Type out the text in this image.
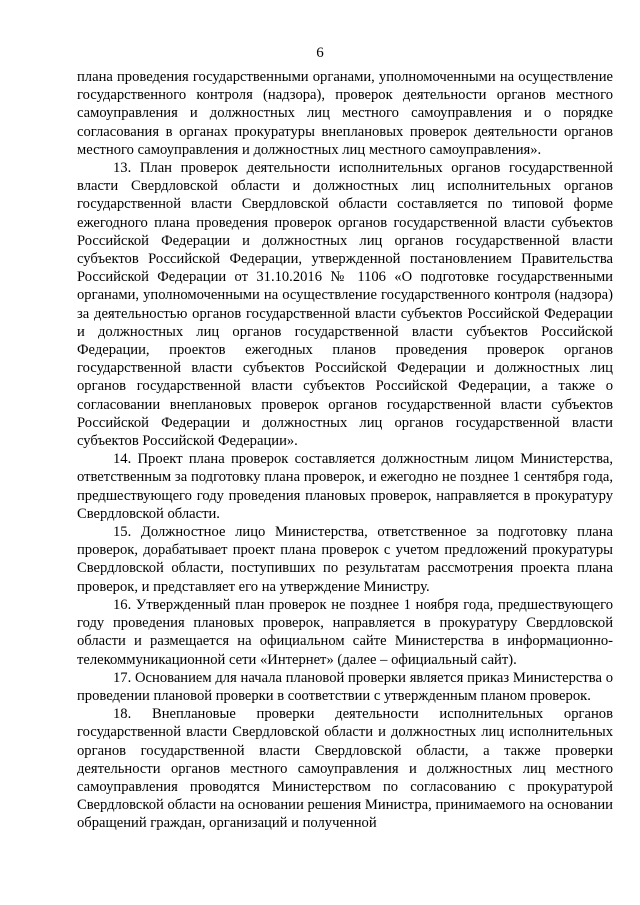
6

плана проведения государственными органами, уполномоченными на осуществление государственного контроля (надзора), проверок деятельности органов местного самоуправления и должностных лиц местного самоуправления и о порядке согласования в органах прокуратуры внеплановых проверок деятельности органов местного самоуправления и должностных лиц местного самоуправления».

13. План проверок деятельности исполнительных органов государственной власти Свердловской области и должностных лиц исполнительных органов государственной власти Свердловской области составляется по типовой форме ежегодного плана проведения проверок органов государственной власти субъектов Российской Федерации и должностных лиц органов государственной власти субъектов Российской Федерации, утвержденной постановлением Правительства Российской Федерации от 31.10.2016 № 1106 «О подготовке государственными органами, уполномоченными на осуществление государственного контроля (надзора) за деятельностью органов государственной власти субъектов Российской Федерации и должностных лиц органов государственной власти субъектов Российской Федерации, проектов ежегодных планов проведения проверок органов государственной власти субъектов Российской Федерации и должностных лиц органов государственной власти субъектов Российской Федерации, а также о согласовании внеплановых проверок органов государственной власти субъектов Российской Федерации и должностных лиц органов государственной власти субъектов Российской Федерации».

14. Проект плана проверок составляется должностным лицом Министерства, ответственным за подготовку плана проверок, и ежегодно не позднее 1 сентября года, предшествующего году проведения плановых проверок, направляется в прокуратуру Свердловской области.

15. Должностное лицо Министерства, ответственное за подготовку плана проверок, дорабатывает проект плана проверок с учетом предложений прокуратуры Свердловской области, поступивших по результатам рассмотрения проекта плана проверок, и представляет его на утверждение Министру.

16. Утвержденный план проверок не позднее 1 ноября года, предшествующего году проведения плановых проверок, направляется в прокуратуру Свердловской области и размещается на официальном сайте Министерства в информационно-телекоммуникационной сети «Интернет» (далее – официальный сайт).

17. Основанием для начала плановой проверки является приказ Министерства о проведении плановой проверки в соответствии с утвержденным планом проверок.

18. Внеплановые проверки деятельности исполнительных органов государственной власти Свердловской области и должностных лиц исполнительных органов государственной власти Свердловской области, а также проверки деятельности органов местного самоуправления и должностных лиц местного самоуправления проводятся Министерством по согласованию с прокуратурой Свердловской области на основании решения Министра, принимаемого на основании обращений граждан, организаций и полученной
